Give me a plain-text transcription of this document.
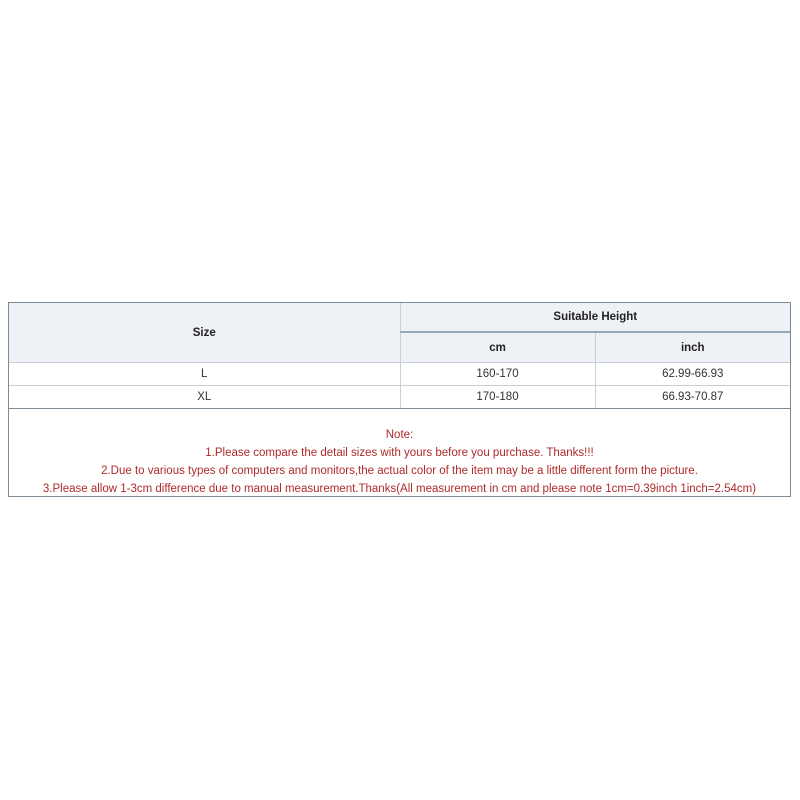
Size	Suitable Height	
	cm	inch
L	160-170	62.99-66.93
XL	170-180	66.93-70.87
Note:
1.Please compare the detail sizes with yours before you purchase. Thanks!!!
2.Due to various types of computers and monitors,the actual color of the item may be a little different form the picture.
3.Please allow 1-3cm difference due to manual measurement.Thanks(All measurement in cm and please note 1cm=0.39inch 1inch=2.54cm)
